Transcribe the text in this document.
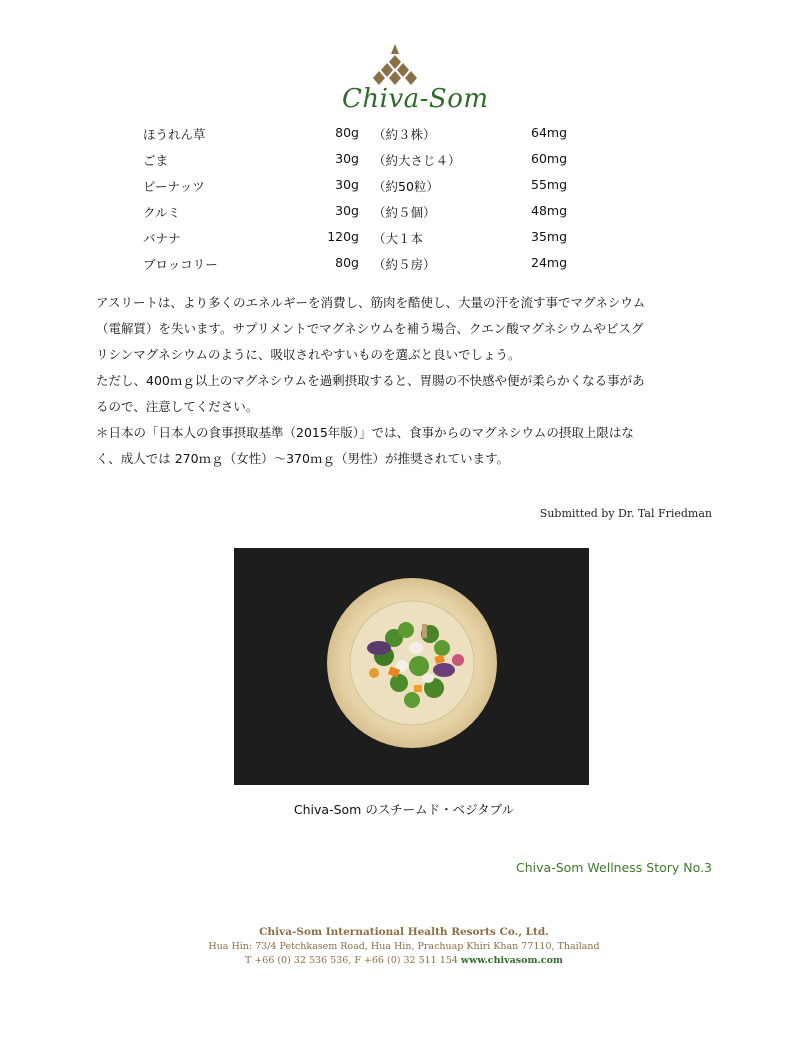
Chiva-Som
ほうれん草	80g （約３株）	64mg
ごま	30g （約大さじ４）	60mg
ピーナッツ	30g （約50粒）	55mg
クルミ	30g （約５個）	48mg
バナナ	120g （大１本	35mg
ブロッコリー	80g （約５房）	24mg

アスリートは、より多くのエネルギーを消費し、筋肉を酷使し、大量の汗を流す事でマグネシウム

（電解質）を失います。サプリメントでマグネシウムを補う場合、クエン酸マグネシウムやビスグ

リシンマグネシウムのように、吸収されやすいものを選ぶと良いでしょう。

ただし、400ｍｇ以上のマグネシウムを過剰摂取すると、胃腸の不快感や便が柔らかくなる事があ

るので、注意してください。

＊日本の「日本人の食事摂取基準（2015年版）」では、食事からのマグネシウムの摂取上限はな

く、成人では 270ｍｇ（女性）～370ｍｇ（男性）が推奨されています。

Submitted by Dr. Tal Friedman
Chiva-Som のスチームド・ベジタブル
Chiva-Som Wellness Story No.3
Chiva-Som International Health Resorts Co., Ltd.
Hua Hin: 73/4 Petchkasem Road, Hua Hin, Prachuap Khiri Khan 77110, Thailand
T +66 (0) 32 536 536, F +66 (0) 32 511 154 www.chivasom.com
